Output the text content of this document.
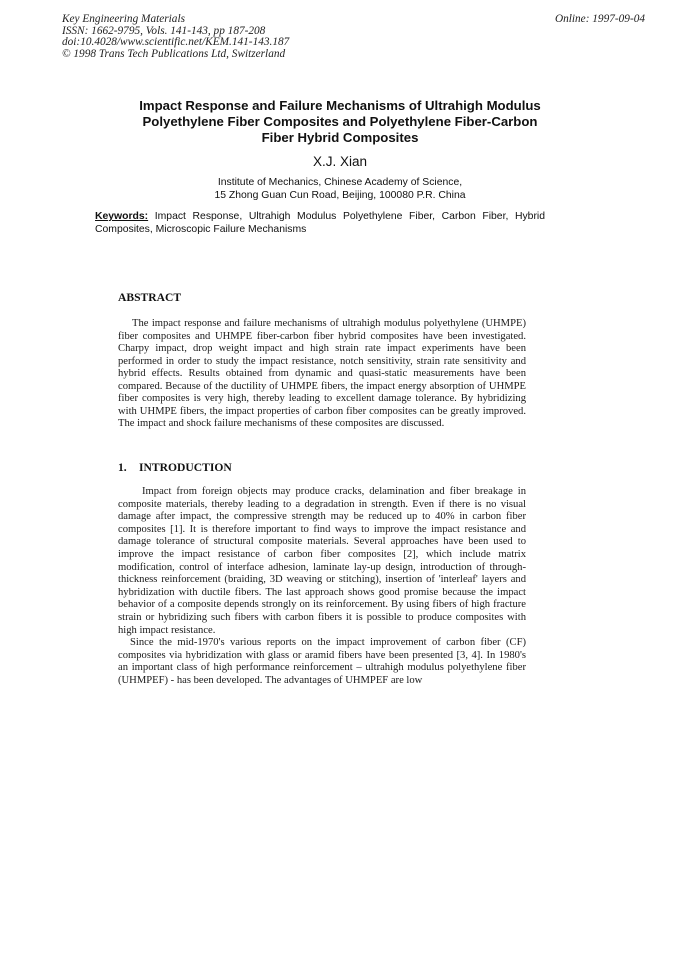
Key Engineering Materials
ISSN: 1662-9795, Vols. 141-143, pp 187-208
doi:10.4028/www.scientific.net/KEM.141-143.187
© 1998 Trans Tech Publications Ltd, Switzerland
Online: 1997-09-04
Impact Response and Failure Mechanisms of Ultrahigh Modulus
Polyethylene Fiber Composites and Polyethylene Fiber-Carbon
Fiber Hybrid Composites
X.J. Xian
Institute of Mechanics, Chinese Academy of Science,
15 Zhong Guan Cun Road, Beijing, 100080 P.R. China
Keywords: Impact Response, Ultrahigh Modulus Polyethylene Fiber, Carbon Fiber, Hybrid Composites, Microscopic Failure Mechanisms
ABSTRACT
The impact response and failure mechanisms of ultrahigh modulus polyethylene (UHMPE) fiber composites and UHMPE fiber-carbon fiber hybrid composites have been investigated. Charpy impact, drop weight impact and high strain rate impact experiments have been performed in order to study the impact resistance, notch sensitivity, strain rate sensitivity and hybrid effects. Results obtained from dynamic and quasi-static measurements have been compared. Because of the ductility of UHMPE fibers, the impact energy absorption of UHMPE fiber composites is very high, thereby leading to excellent damage tolerance. By hybridizing with UHMPE fibers, the impact properties of carbon fiber composites can be greatly improved. The impact and shock failure mechanisms of these composites are discussed.
1. INTRODUCTION

Impact from foreign objects may produce cracks, delamination and fiber breakage in composite materials, thereby leading to a degradation in strength. Even if there is no visual damage after impact, the compressive strength may be reduced up to 40% in carbon fiber composites [1]. It is therefore important to find ways to improve the impact resistance and damage tolerance of structural composite materials. Several approaches have been used to improve the impact resistance of carbon fiber composites [2], which include matrix modification, control of interface adhesion, laminate lay-up design, introduction of through-thickness reinforcement (braiding, 3D weaving or stitching), insertion of 'interleaf' layers and hybridization with ductile fibers. The last approach shows good promise because the impact behavior of a composite depends strongly on its reinforcement. By using fibers of high fracture strain or hybridizing such fibers with carbon fibers it is possible to produce composites with high impact resistance.

Since the mid-1970's various reports on the impact improvement of carbon fiber (CF) composites via hybridization with glass or aramid fibers have been presented [3, 4]. In 1980's an important class of high performance reinforcement – ultrahigh modulus polyethylene fiber (UHMPEF) - has been developed. The advantages of UHMPEF are low
